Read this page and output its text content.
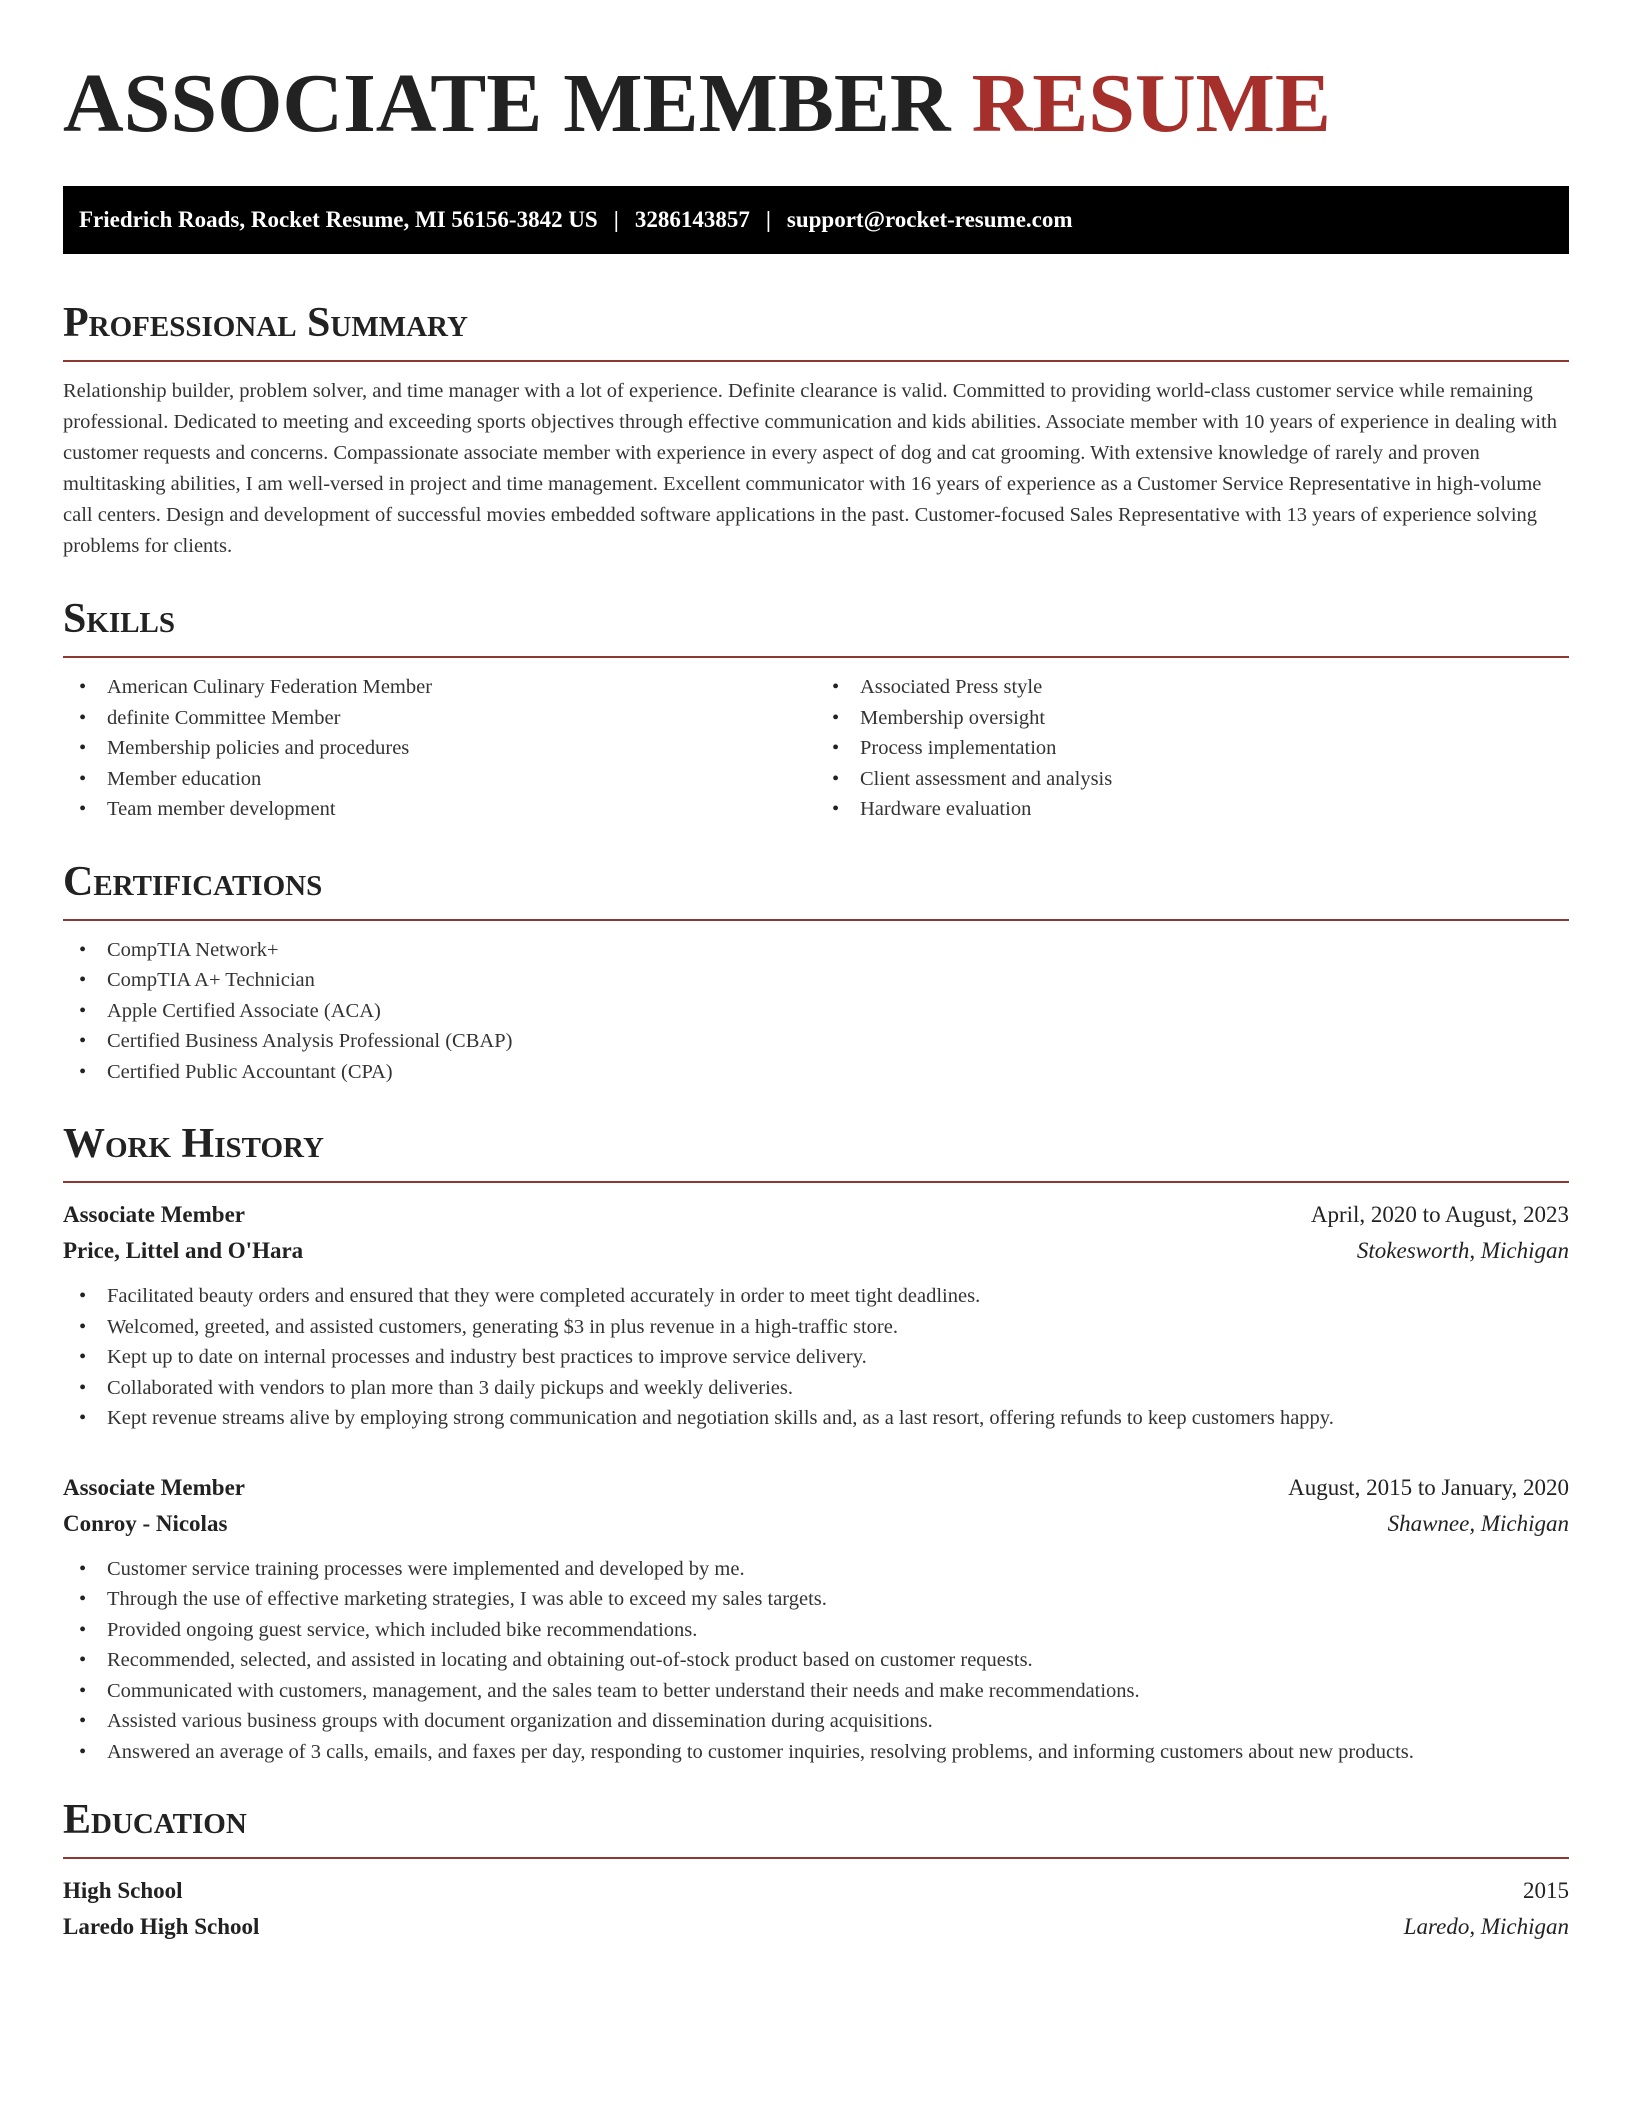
ASSOCIATE MEMBER RESUME
Friedrich Roads, Rocket Resume, MI 56156-3842 US | 3286143857 | support@rocket-resume.com
Professional Summary

Relationship builder, problem solver, and time manager with a lot of experience. Definite clearance is valid. Committed to providing world-class customer service while remaining professional. Dedicated to meeting and exceeding sports objectives through effective communication and kids abilities. Associate member with 10 years of experience in dealing with customer requests and concerns. Compassionate associate member with experience in every aspect of dog and cat grooming. With extensive knowledge of rarely and proven multitasking abilities, I am well-versed in project and time management. Excellent communicator with 16 years of experience as a Customer Service Representative in high-volume call centers. Design and development of successful movies embedded software applications in the past. Customer-focused Sales Representative with 13 years of experience solving problems for clients.

Skills
• American Culinary Federation Member
• definite Committee Member
• Membership policies and procedures
• Member education
• Team member development
• Associated Press style
• Membership oversight
• Process implementation
• Client assessment and analysis
• Hardware evaluation
Certifications
• CompTIA Network+
• CompTIA A+ Technician
• Apple Certified Associate (ACA)
• Certified Business Analysis Professional (CBAP)
• Certified Public Accountant (CPA)
Work History
Associate Member	April, 2020 to August, 2023
Price, Littel and O'Hara	Stokesworth, Michigan
• Facilitated beauty orders and ensured that they were completed accurately in order to meet tight deadlines.
• Welcomed, greeted, and assisted customers, generating $3 in plus revenue in a high-traffic store.
• Kept up to date on internal processes and industry best practices to improve service delivery.
• Collaborated with vendors to plan more than 3 daily pickups and weekly deliveries.
• Kept revenue streams alive by employing strong communication and negotiation skills and, as a last resort, offering refunds to keep customers happy.
Associate Member	August, 2015 to January, 2020
Conroy - Nicolas	Shawnee, Michigan
• Customer service training processes were implemented and developed by me.
• Through the use of effective marketing strategies, I was able to exceed my sales targets.
• Provided ongoing guest service, which included bike recommendations.
• Recommended, selected, and assisted in locating and obtaining out-of-stock product based on customer requests.
• Communicated with customers, management, and the sales team to better understand their needs and make recommendations.
• Assisted various business groups with document organization and dissemination during acquisitions.
• Answered an average of 3 calls, emails, and faxes per day, responding to customer inquiries, resolving problems, and informing customers about new products.
Education
High School	2015
Laredo High School	Laredo, Michigan
